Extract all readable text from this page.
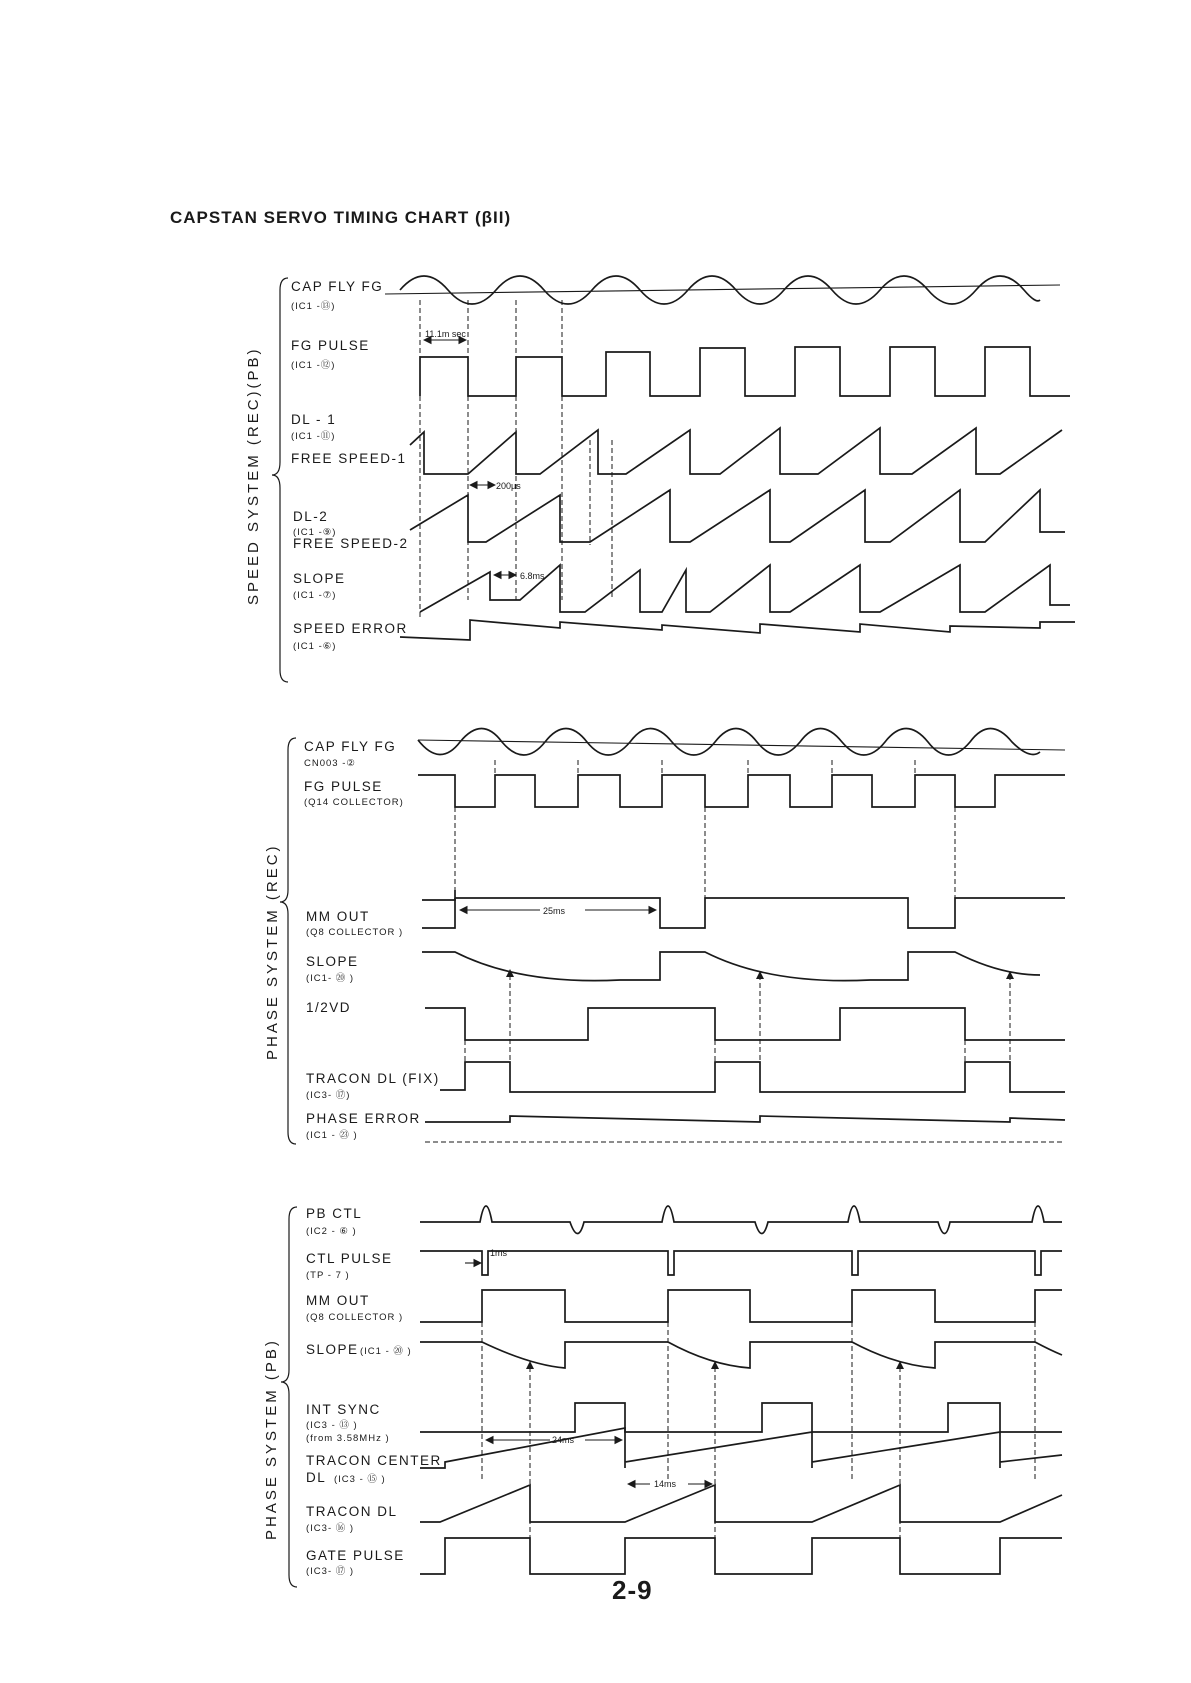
CAPSTAN SERVO TIMING CHART (βII)
2-9
SPEED SYSTEM (REC)(PB)
CAP FLY FG
(IC1 -⑬)
FG PULSE
(IC1 -⑫)
DL - 1
(IC1 -⑪)
FREE SPEED-1
DL-2
(IC1 -⑨)
FREE SPEED-2
SLOPE
(IC1 -⑦)
SPEED ERROR
(IC1 -⑥)
11.1m sec
200μs
6.8ms
PHASE SYSTEM (REC)
CAP FLY FG
CN003 -②
FG PULSE
(Q14 COLLECTOR)
MM OUT
(Q8 COLLECTOR )
SLOPE
(IC1- ⑳ )
1/2VD
TRACON DL (FIX)
(IC3- ⑰)
PHASE ERROR
(IC1 - ㉓ )
25ms
PHASE SYSTEM (PB)
PB CTL
(IC2 - ⑥ )
CTL PULSE
(TP - 7 )
MM OUT
(Q8 COLLECTOR )
SLOPE (IC1 - ⑳ )
INT SYNC
(IC3 - ⑬ )
(from 3.58MHz )
TRACON CENTER
DL (IC3 - ⑮ )
TRACON DL
(IC3- ⑯ )
GATE PULSE
(IC3- ⑰ )
1ms
24ms
14ms
